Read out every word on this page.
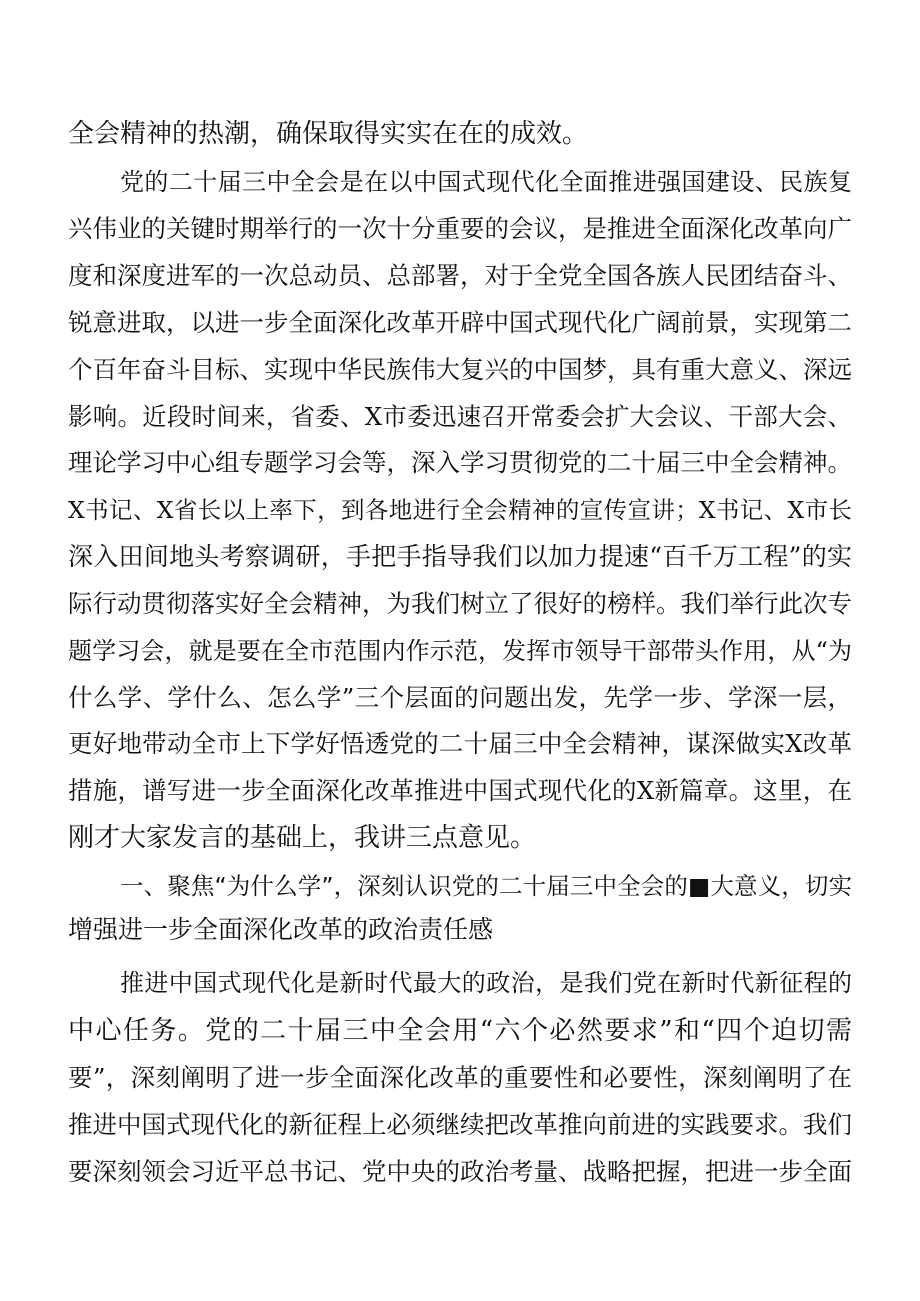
全会精神的热潮，确保取得实实在在的成效。
党的二十届三中全会是在以中国式现代化全面推进强国建设、民族复
兴伟业的关键时期举行的一次十分重要的会议，是推进全面深化改革向广
度和深度进军的一次总动员、总部署，对于全党全国各族人民团结奋斗、
锐意进取，以进一步全面深化改革开辟中国式现代化广阔前景，实现第二
个百年奋斗目标、实现中华民族伟大复兴的中国梦，具有重大意义、深远
影响。近段时间来，省委、X市委迅速召开常委会扩大会议、干部大会、
理论学习中心组专题学习会等，深入学习贯彻党的二十届三中全会精神。
X书记、X省长以上率下，到各地进行全会精神的宣传宣讲；X书记、X市长
深入田间地头考察调研，手把手指导我们以加力提速“百千万工程”的实
际行动贯彻落实好全会精神，为我们树立了很好的榜样。我们举行此次专
题学习会，就是要在全市范围内作示范，发挥市领导干部带头作用，从“为
什么学、学什么、怎么学”三个层面的问题出发，先学一步、学深一层，
更好地带动全市上下学好悟透党的二十届三中全会精神，谋深做实X改革
措施，谱写进一步全面深化改革推进中国式现代化的X新篇章。这里，在
刚才大家发言的基础上，我讲三点意见。
一、聚焦“为什么学”，深刻认识党的二十届三中全会的■大意义，切实
增强进一步全面深化改革的政治责任感
推进中国式现代化是新时代最大的政治，是我们党在新时代新征程的
中心任务。党的二十届三中全会用“六个必然要求”和“四个迫切需
要”，深刻阐明了进一步全面深化改革的重要性和必要性，深刻阐明了在
推进中国式现代化的新征程上必须继续把改革推向前进的实践要求。我们
要深刻领会习近平总书记、党中央的政治考量、战略把握，把进一步全面
